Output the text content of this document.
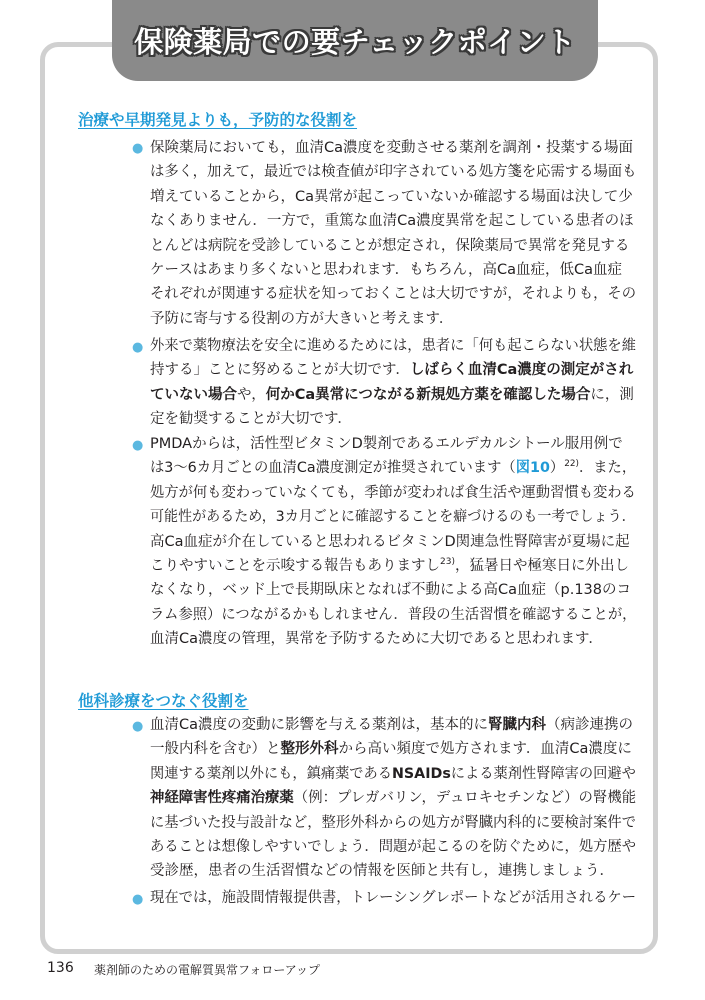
保険薬局での要チェックポイント
治療や早期発見よりも，予防的な役割を
● 保険薬局においても，血清Ca濃度を変動させる薬剤を調剤・投薬する場面
は多く，加えて，最近では検査値が印字されている処方箋を応需する場面も
増えていることから，Ca異常が起こっていないか確認する場面は決して少
なくありません．一方で，重篤な血清Ca濃度異常を起こしている患者のほ
とんどは病院を受診していることが想定され，保険薬局で異常を発見する
ケースはあまり多くないと思われます．もちろん，高Ca血症，低Ca血症
それぞれが関連する症状を知っておくことは大切ですが，それよりも，その
予防に寄与する役割の方が大きいと考えます．
● 外来で薬物療法を安全に進めるためには，患者に「何も起こらない状態を維
持する」ことに努めることが大切です．しばらく血清Ca濃度の測定がされ
ていない場合や，何かCa異常につながる新規処方薬を確認した場合に，測
定を勧奨することが大切です．
● PMDAからは，活性型ビタミンD製剤であるエルデカルシトール服用例で
は3〜6カ月ごとの血清Ca濃度測定が推奨されています（図10）$^{22)}$．また，
処方が何も変わっていなくても，季節が変われば食生活や運動習慣も変わる
可能性があるため，3カ月ごとに確認することを癖づけるのも一考でしょう．
高Ca血症が介在していると思われるビタミンD関連急性腎障害が夏場に起
こりやすいことを示唆する報告もありますし$^{23)}$，猛暑日や極寒日に外出し
なくなり，ベッド上で長期臥床となれば不動による高Ca血症（p.138のコ
ラム参照）につながるかもしれません．普段の生活習慣を確認することが，
血清Ca濃度の管理，異常を予防するために大切であると思われます．
他科診療をつなぐ役割を
● 血清Ca濃度の変動に影響を与える薬剤は，基本的に腎臓内科（病診連携の
一般内科を含む）と整形外科から高い頻度で処方されます．血清Ca濃度に
関連する薬剤以外にも，鎮痛薬であるNSAIDsによる薬剤性腎障害の回避や
神経障害性疼痛治療薬（例：プレガバリン，デュロキセチンなど）の腎機能
に基づいた投与設計など，整形外科からの処方が腎臓内科的に要検討案件で
あることは想像しやすいでしょう．問題が起こるのを防ぐために，処方歴や
受診歴，患者の生活習慣などの情報を医師と共有し，連携しましょう．
● 現在では，施設間情報提供書，トレーシングレポートなどが活用されるケー
136 薬剤師のための電解質異常フォローアップ
